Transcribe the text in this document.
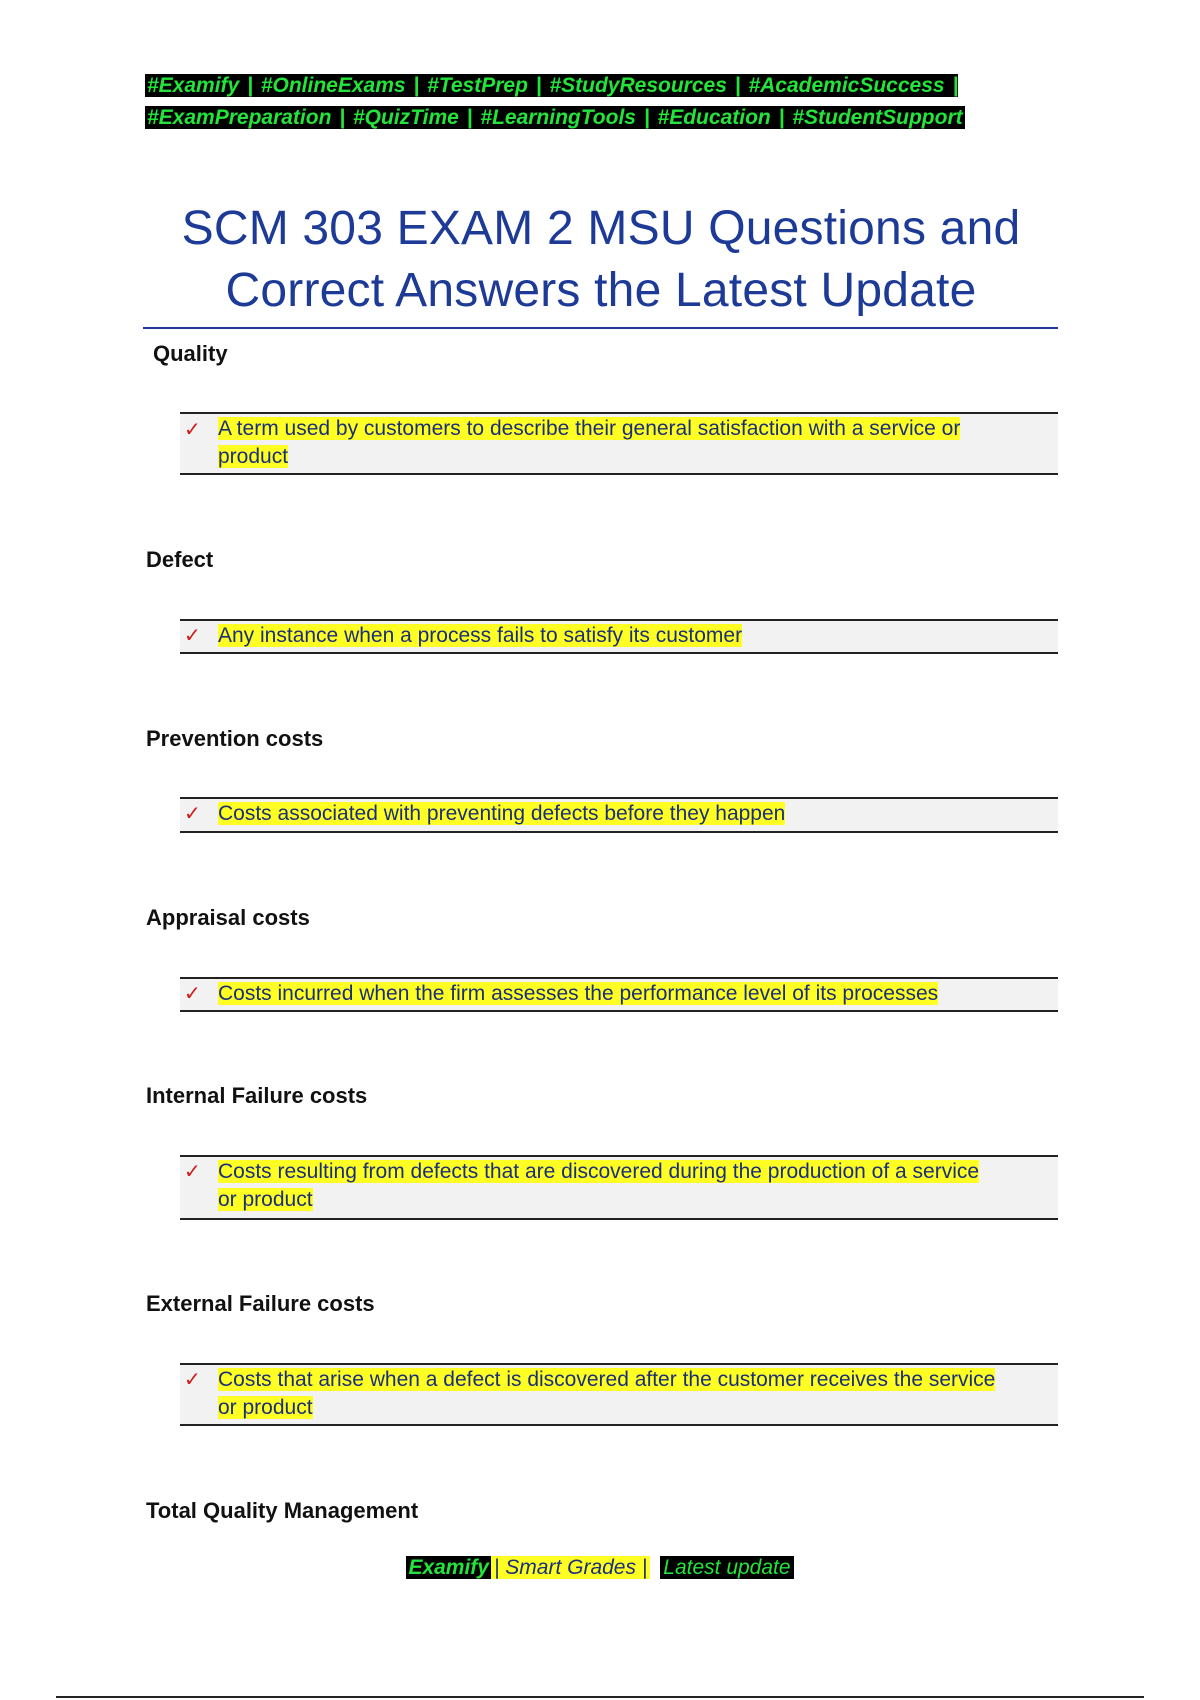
#Examify | #OnlineExams | #TestPrep | #StudyResources | #AcademicSuccess |
#ExamPreparation | #QuizTime | #LearningTools | #Education | #StudentSupport
SCM 303 EXAM 2 MSU Questions and
Correct Answers the Latest Update
Quality
✓ A term used by customers to describe their general satisfaction with a service or
product
Defect
✓ Any instance when a process fails to satisfy its customer
Prevention costs
✓ Costs associated with preventing defects before they happen
Appraisal costs
✓ Costs incurred when the firm assesses the performance level of its processes
Internal Failure costs
✓ Costs resulting from defects that are discovered during the production of a service
or product
External Failure costs
✓ Costs that arise when a defect is discovered after the customer receives the service
or product
Total Quality Management
Examify | Smart Grades | Latest update
